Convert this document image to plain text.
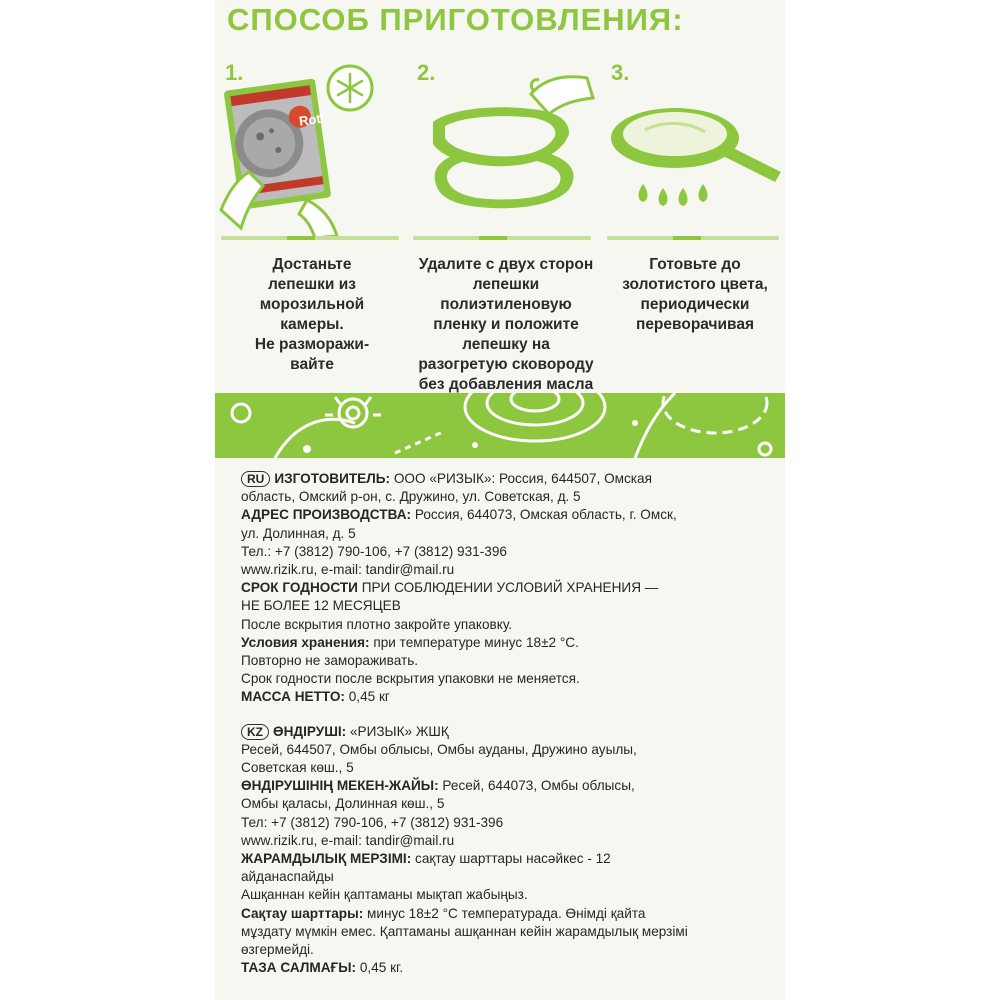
СПОСОБ ПРИГОТОВЛЕНИЯ:
Roti
1.	2.	3.
Достаньте
лепешки из
морозильной
камеры.
Не разморажи-
вайте
Удалите с двух сторон
лепешки
полиэтиленовую
пленку и положите
лепешку на
разогретую сковороду
без добавления масла
Готовьте до
золотистого цвета,
периодически
переворачивая

RU ИЗГОТОВИТЕЛЬ: ООО «РИЗЫК»: Россия, 644507, Омская

область, Омский р-он, с. Дружино, ул. Советская, д. 5

АДРЕС ПРОИЗВОДСТВА: Россия, 644073, Омская область, г. Омск,

ул. Долинная, д. 5

Тел.: +7 (3812) 790-106, +7 (3812) 931-396

www.rizik.ru, e-mail: tandir@mail.ru

СРОК ГОДНОСТИ ПРИ СОБЛЮДЕНИИ УСЛОВИЙ ХРАНЕНИЯ —

НЕ БОЛЕЕ 12 МЕСЯЦЕВ

После вскрытия плотно закройте упаковку.

Условия хранения: при температуре минус 18±2 °С.

Повторно не замораживать.

Срок годности после вскрытия упаковки не меняется.

МАССА НЕТТО: 0,45 кг

KZ ӨНДІРУШІ: «РИЗЫК» ЖШҚ

Ресей, 644507, Омбы облысы, Омбы ауданы, Дружино ауылы,

Советская көш., 5

ӨНДІРУШІНІҢ МЕКЕН-ЖАЙЫ: Ресей, 644073, Омбы облысы,

Омбы қаласы, Долинная көш., 5

Тел: +7 (3812) 790-106, +7 (3812) 931-396

www.rizik.ru, e-mail: tandir@mail.ru

ЖАРАМДЫЛЫҚ МЕРЗІМІ: сақтау шарттары насәйкес - 12

айданаспайды

Ашқаннан кейін қаптаманы мықтап жабыңыз.

Сақтау шарттары: минус 18±2 °С температурада. Өнімді қайта

мұздату мүмкін емес. Қаптаманы ашқаннан кейін жарамдылық мерзімі

өзгермейді.

ТАЗА САЛМАҒЫ: 0,45 кг.
